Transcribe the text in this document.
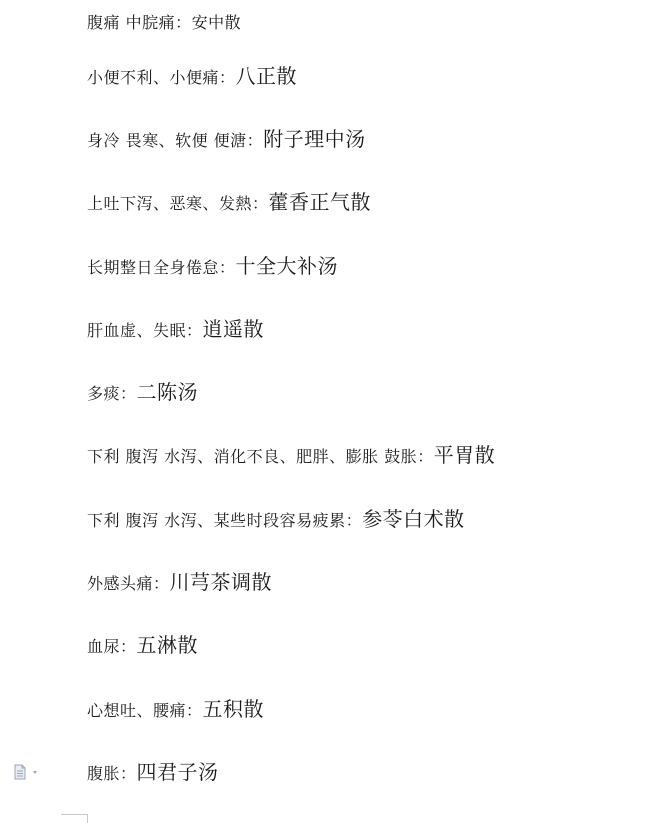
腹痛 中脘痛：安中散
小便不利、小便痛：八正散
身冷 畏寒、软便 便溏：附子理中汤
上吐下泻、恶寒、发熱：藿香正气散
长期整日全身倦怠：十全大补汤
肝血虚、失眠：逍遥散
多痰：二陈汤
下利 腹泻 水泻、消化不良、肥胖、膨胀 鼓胀：平胃散
下利 腹泻 水泻、某些时段容易疲累：参苓白术散
外感头痛：川芎茶调散
血尿：五淋散
心想吐、腰痛：五积散
腹胀：四君子汤
